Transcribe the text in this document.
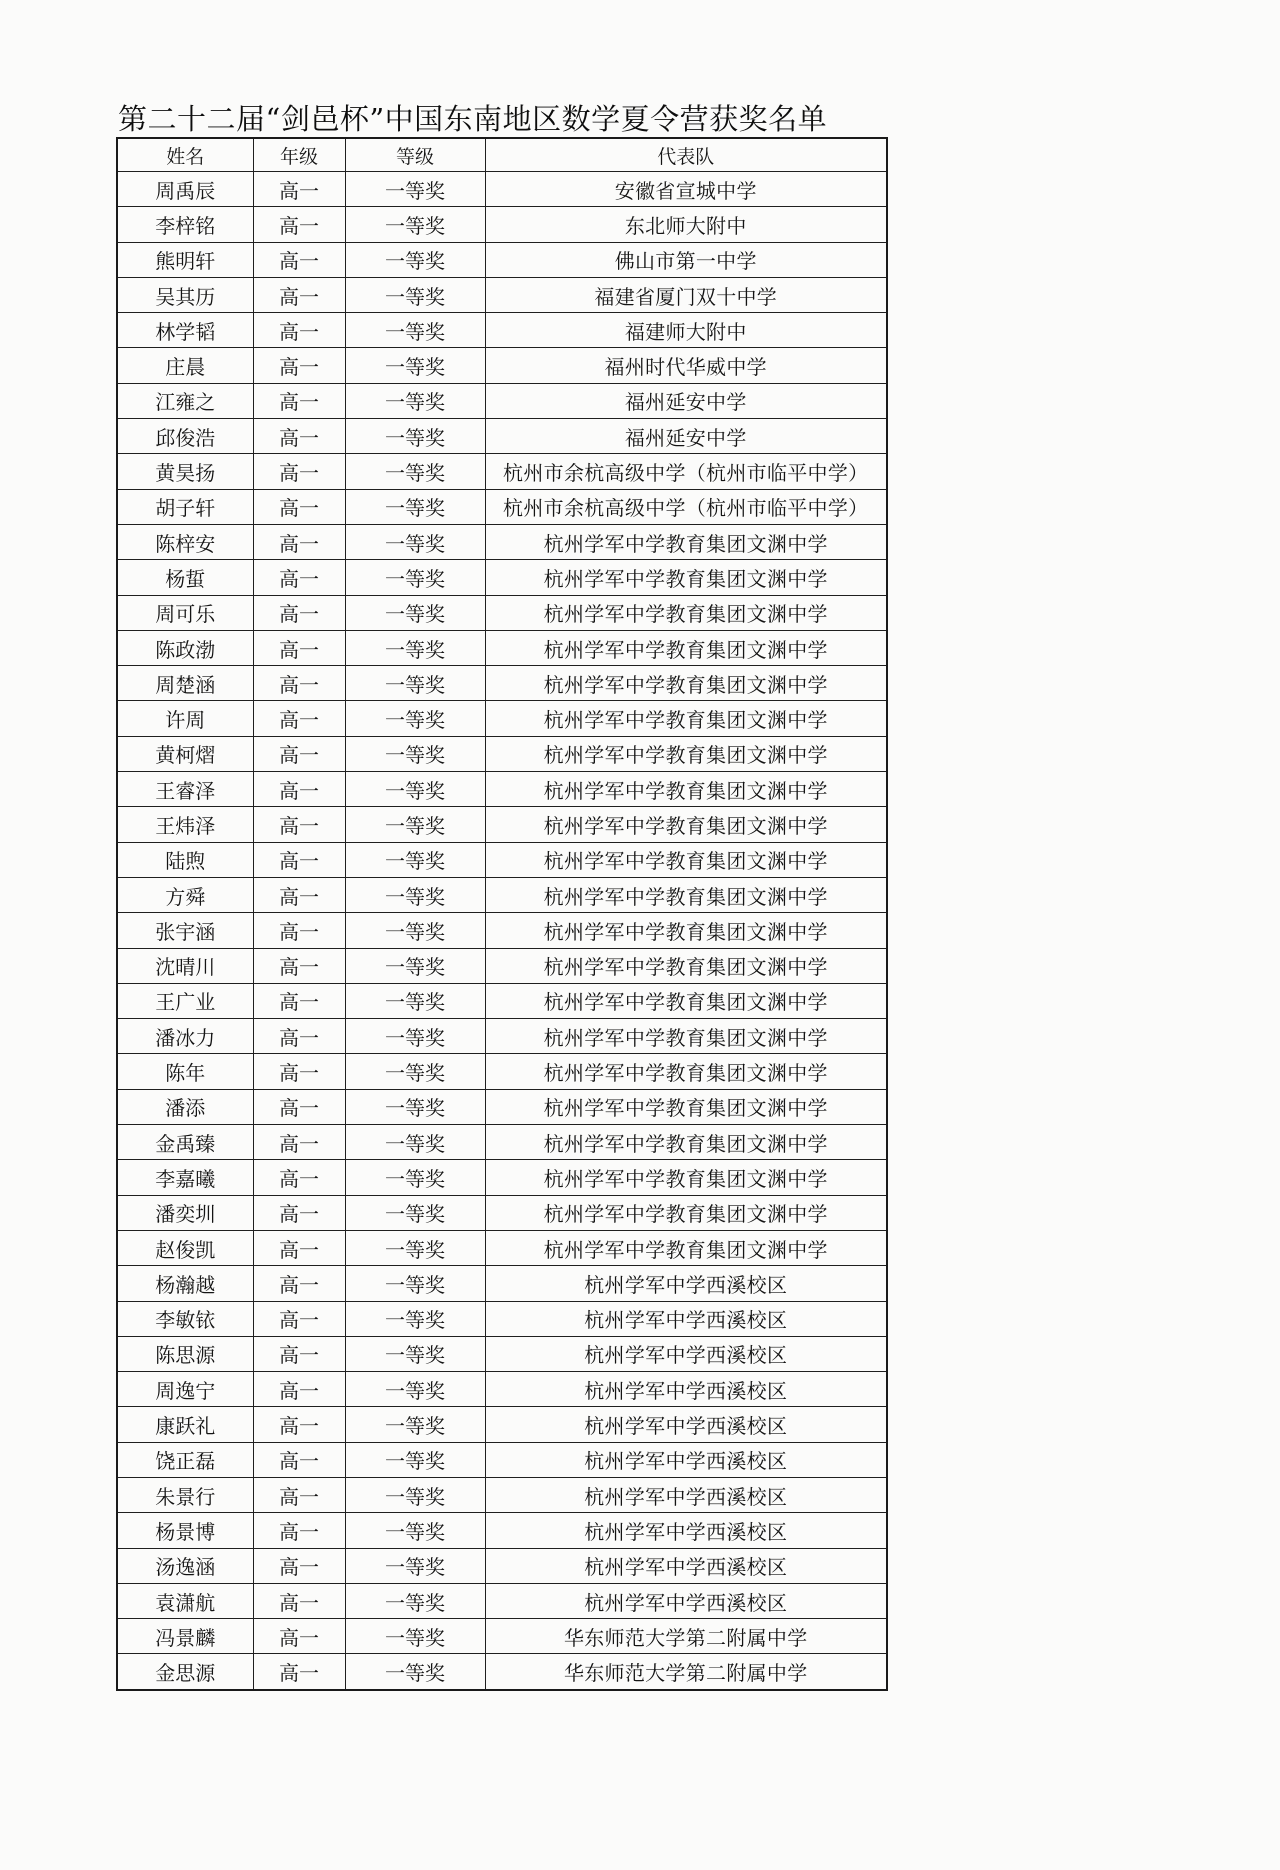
第二十二届“剑邑杯”中国东南地区数学夏令营获奖名单
姓名	年级	等级	代表队
周禹辰	高一	一等奖	安徽省宣城中学
李梓铭	高一	一等奖	东北师大附中
熊明轩	高一	一等奖	佛山市第一中学
吴其历	高一	一等奖	福建省厦门双十中学
林学韬	高一	一等奖	福建师大附中
庄晨	高一	一等奖	福州时代华威中学
江雍之	高一	一等奖	福州延安中学
邱俊浩	高一	一等奖	福州延安中学
黄昊扬	高一	一等奖	杭州市余杭高级中学（杭州市临平中学）
胡子轩	高一	一等奖	杭州市余杭高级中学（杭州市临平中学）
陈梓安	高一	一等奖	杭州学军中学教育集团文渊中学
杨蜇	高一	一等奖	杭州学军中学教育集团文渊中学
周可乐	高一	一等奖	杭州学军中学教育集团文渊中学
陈政渤	高一	一等奖	杭州学军中学教育集团文渊中学
周楚涵	高一	一等奖	杭州学军中学教育集团文渊中学
许周	高一	一等奖	杭州学军中学教育集团文渊中学
黄柯熠	高一	一等奖	杭州学军中学教育集团文渊中学
王睿泽	高一	一等奖	杭州学军中学教育集团文渊中学
王炜泽	高一	一等奖	杭州学军中学教育集团文渊中学
陆煦	高一	一等奖	杭州学军中学教育集团文渊中学
方舜	高一	一等奖	杭州学军中学教育集团文渊中学
张宇涵	高一	一等奖	杭州学军中学教育集团文渊中学
沈晴川	高一	一等奖	杭州学军中学教育集团文渊中学
王广业	高一	一等奖	杭州学军中学教育集团文渊中学
潘冰力	高一	一等奖	杭州学军中学教育集团文渊中学
陈年	高一	一等奖	杭州学军中学教育集团文渊中学
潘添	高一	一等奖	杭州学军中学教育集团文渊中学
金禹臻	高一	一等奖	杭州学军中学教育集团文渊中学
李嘉曦	高一	一等奖	杭州学军中学教育集团文渊中学
潘奕圳	高一	一等奖	杭州学军中学教育集团文渊中学
赵俊凯	高一	一等奖	杭州学军中学教育集团文渊中学
杨瀚越	高一	一等奖	杭州学军中学西溪校区
李敏铱	高一	一等奖	杭州学军中学西溪校区
陈思源	高一	一等奖	杭州学军中学西溪校区
周逸宁	高一	一等奖	杭州学军中学西溪校区
康跃礼	高一	一等奖	杭州学军中学西溪校区
饶正磊	高一	一等奖	杭州学军中学西溪校区
朱景行	高一	一等奖	杭州学军中学西溪校区
杨景博	高一	一等奖	杭州学军中学西溪校区
汤逸涵	高一	一等奖	杭州学军中学西溪校区
袁潇航	高一	一等奖	杭州学军中学西溪校区
冯景麟	高一	一等奖	华东师范大学第二附属中学
金思源	高一	一等奖	华东师范大学第二附属中学
